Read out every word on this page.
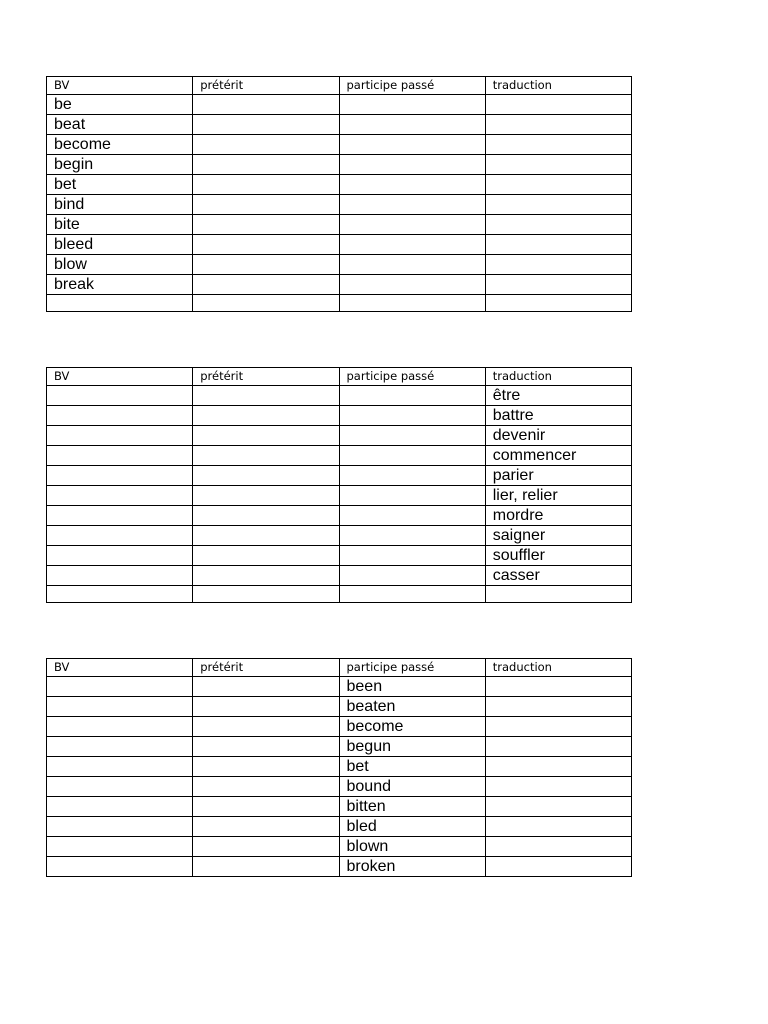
BV	prétérit	participe passé	traduction
be			
beat			
become			
begin			
bet			
bind			
bite			
bleed			
blow			
break			

BV	prétérit	participe passé	traduction
			être
			battre
			devenir
			commencer
			parier
			lier, relier
			mordre
			saigner
			souffler
			casser

BV	prétérit	participe passé	traduction
		been	
		beaten	
		become	
		begun	
		bet	
		bound	
		bitten	
		bled	
		blown	
		broken	
